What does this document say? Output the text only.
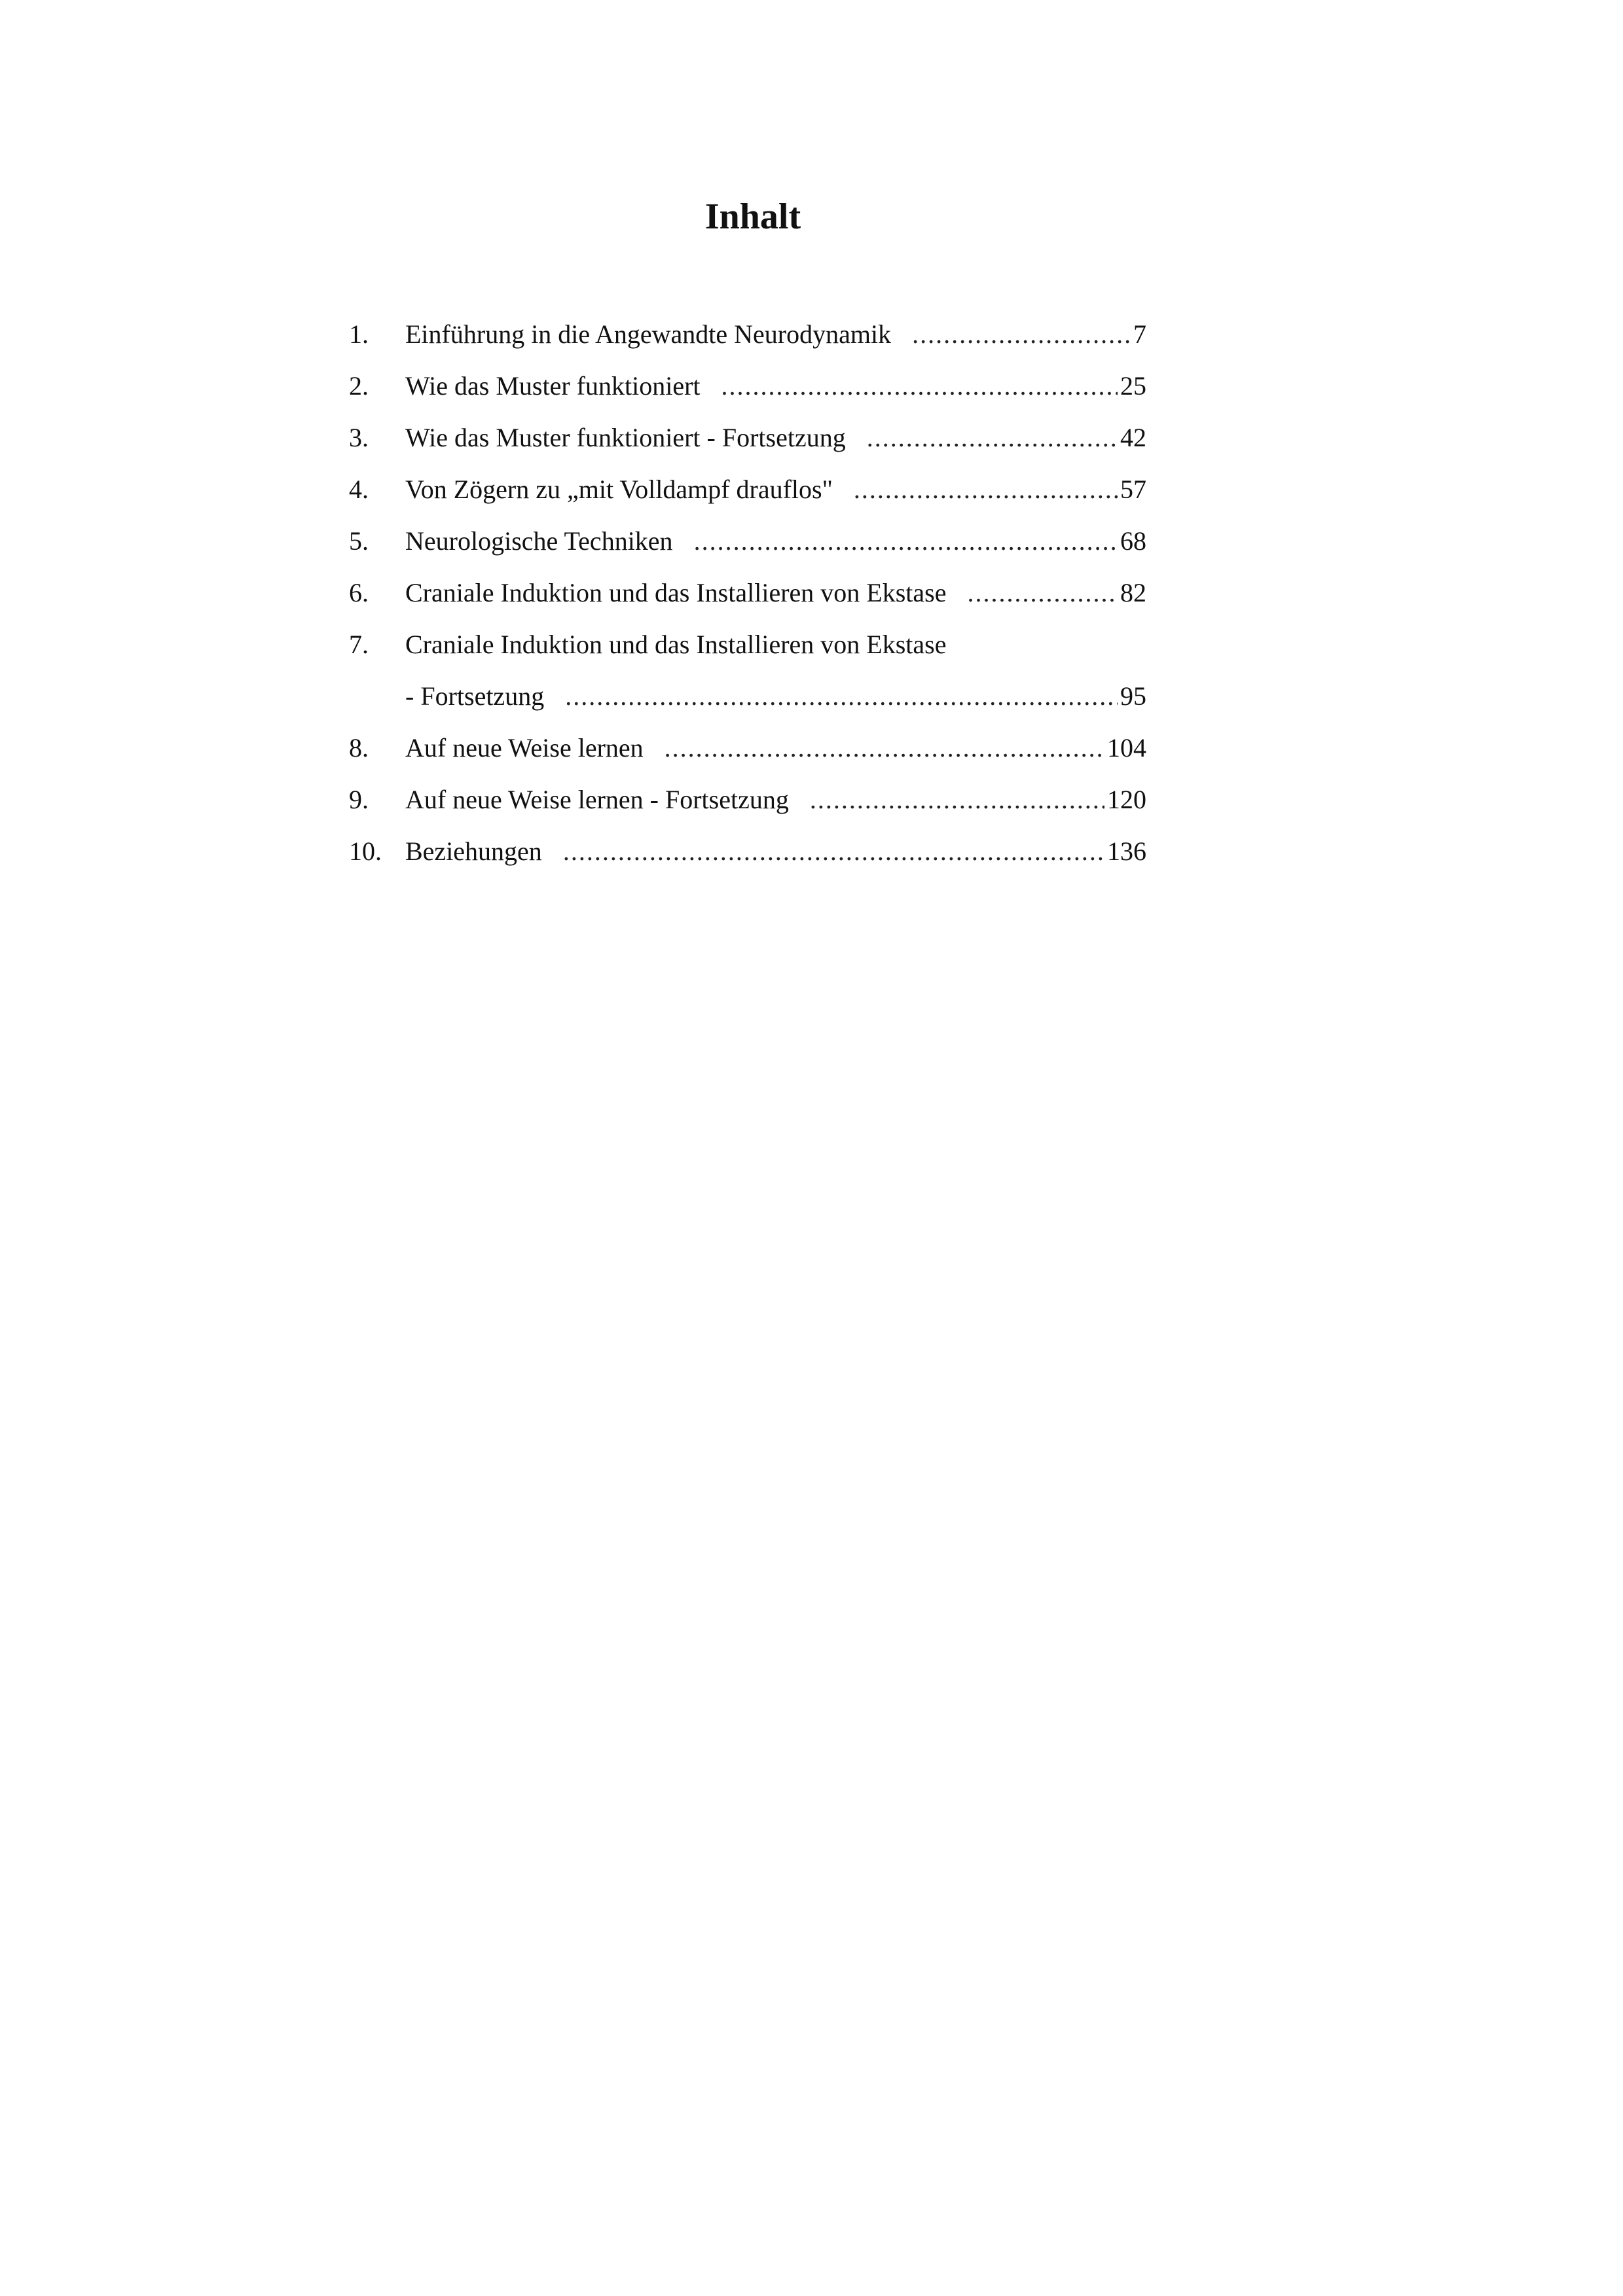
Inhalt
1. Einführung in die Angewandte Neurodynamik .....	7
2. Wie das Muster funktioniert .....	25
3. Wie das Muster funktioniert - Fortsetzung .....	42
4. Von Zögern zu „mit Volldampf drauflos" .....	57
5. Neurologische Techniken .....	68
6. Craniale Induktion und das Installieren von Ekstase .....	82
7. Craniale Induktion und das Installieren von Ekstase
- Fortsetzung .....	95
8. Auf neue Weise lernen .....	104
9. Auf neue Weise lernen - Fortsetzung .....	120
10. Beziehungen .....	136
